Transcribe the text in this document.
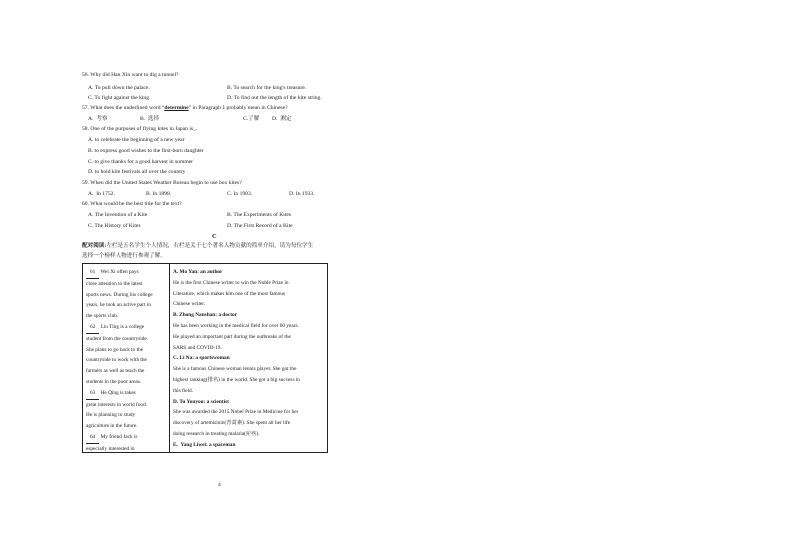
56. Why did Han Xin want to dig a tunnel?
A. To pull down the palace.	B. To search for the king's treasure.
C. To fight against the king.	D. To find out the length of the kite string.
57. What does the underlined word “determine” in Paragraph 1 probably mean in Chinese?
A.  考察	B.  选择	C.了解 D.  测定
58. One of the purposes of flying kites in Japan is_.
A. to celebrate the beginning of a new year
B. to express good wishes to the first-born daughter
C. to give thanks for a good harvest in summer
D. to hold kite festivals all over the country
59. When did the United States Weather Bureau begin to use box kites?
A.  In 1752.	B. In 1898.	C. In 1903.	D. In 1933.
60. What would be the best title for the text?
A. The Invention of a Kite	B. The Experiments of Kites
C. The History of Kites	D. The First Record of a Kite
C
配对阅读:左栏是五名学生个人情况，右栏是关于七个著名人物贡献的简单介绍，请为每位学生
选择一个榜样人物进行参观了解。
61    Wei Xi often pays
close attention to the latest
sports news. During his college
years, he took an active part in
the sports club.
62    Liu Ting is a college
student from the countryside.
She plans to go back to the
countryside to work with the
farmers as well as teach the
students in the poor areas.
63    He Qing is takes
great interests in world food.
He is planning to study
agriculture in the future.
64    My friend Jack is
especially interested in
A. Mo Yan: an author
He is the first Chinese writer to win the Noble Prize in
Literature, which makes him one of the most famous
Chinese writer.
B. Zhong Nanshan: a doctor
He has been working in the medical field for over 60 years.
He played an important part during the outbreaks of the
SARS and COVID-19.
C. Li Na: a sportswoman
She is a famous Chinese woman tennis player. She got the
highest ranking(排名) in the world. She got a big success in
this field.
D. Tu Youyou: a scientist
She was awarded the 2015 Nobel Prize in Medicine for her
discovery of artemisinin(青蒿素). She spent all her life
doing research in treating malaria(疟疾).
E.  Yang Liwei: a spaceman
4
